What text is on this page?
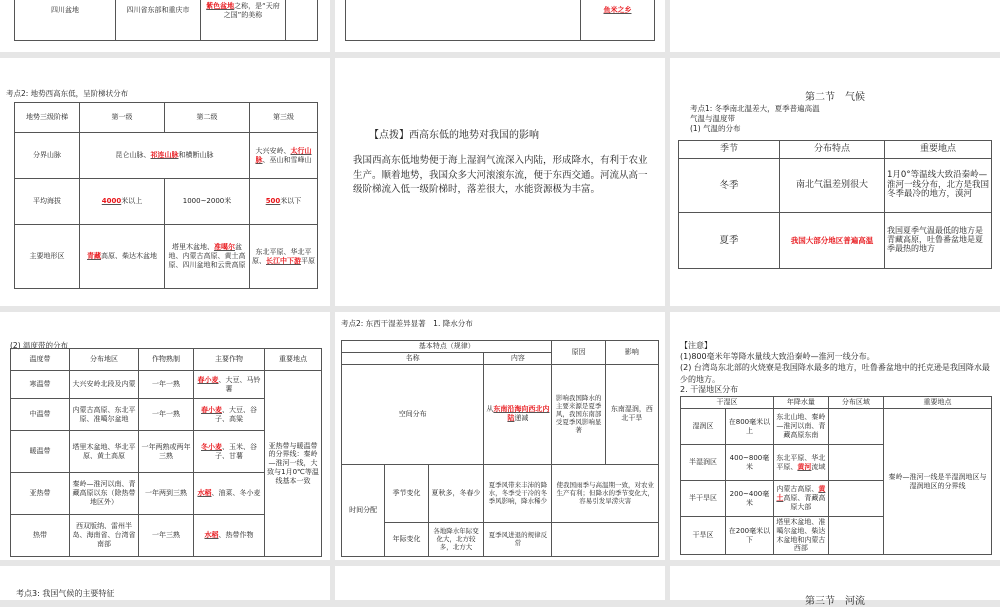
四川盆地	四川省东部和重庆市	紫色盆地之称，是“天府之国”的美称	
	鱼米之乡
考点2: 地势西高东低，呈阶梯状分布
地势三级阶梯	第一级	第二级	第三级
分界山脉	昆仑山脉、祁连山脉和横断山脉		大兴安岭、太行山脉、巫山和雪峰山
平均海拔	4000米以上	1000~2000米	500米以下
主要地形区	青藏高原、柴达木盆地	塔里木盆地、准噶尔盆地、内蒙古高原、黄土高原、四川盆地和云贵高原	东北平原、华北平原、长江中下游平原
【点拨】西高东低的地势对我国的影响
我国西高东低地势便于海上湿润气流深入内陆，形成降水，有利于农业生产。顺着地势，我国众多大河滚滚东流，便于东西交通。河流从高一级阶梯流入低一级阶梯时，落差很大，水能资源极为丰富。
第二节　气候
考点1: 冬季南北温差大，夏季普遍高温
气温与温度带
(1) 气温的分布
季节	分布特点	重要地点
冬季	南北气温差别很大	1月0°等温线大致沿秦岭—淮河一线分布，北方是我国冬季最冷的地方，漠河
夏季	我国大部分地区普遍高温	我国夏季气温最低的地方是青藏高原，吐鲁番盆地是夏季最热的地方
(2) 温度带的分布
温度带	分布地区	作物熟制	主要作物	重要地点
寒温带	大兴安岭北段及内蒙	一年一熟	春小麦、大豆、马铃薯	亚热带与暖温带的分界线：秦岭—淮河一线，大致与1月0℃等温线基本一致
中温带	内蒙古高原、东北平原、准噶尔盆地	一年一熟	春小麦、大豆、谷子、高粱	
暖温带	塔里木盆地、华北平原、黄土高原	一年两熟或两年三熟	冬小麦、玉米、谷子、甘薯	
亚热带	秦岭—淮河以南、青藏高原以东（除热带地区外）	一年两到三熟	水稻、油菜、冬小麦	
热带	西双版纳、雷州半岛、海南省、台湾省南部	一年三熟	水稻、热带作物	
考点2: 东西干湿差异显著　1. 降水分布
基本特点（规律）				原因	影响
名称			内容		
空间分布			从东南沿海向西北内陆递减	影响我国降水的主要来源是夏季风，我国东南部受夏季风影响显著	东南湿润，西北干旱
时间分配	季节变化	夏秋多，冬春少	夏季风带来丰沛的降水，冬季受干冷的冬季风影响，降水稀少	使我国雨季与高温期一致，对农业生产有利；但降水的季节变化大，容易引发旱涝灾害	
	年际变化	各地降水年际变化大，北方较多，北方大	夏季风进退的规律反常		
【注意】
(1)800毫米年等降水量线大致沿秦岭—淮河一线分布。
(2) 台湾岛东北部的火烧寮是我国降水最多的地方，吐鲁番盆地中的托克逊是我国降水最少的地方。
2. 干湿地区分布
干湿区		年降水量	分布区域	重要地点
湿润区	在800毫米以上	东北山地、秦岭—淮河以南、青藏高原东南		秦岭—淮河一线是半湿润地区与湿润地区的分界线
半湿润区	400~800毫米	东北平原、华北平原、黄河流域		
半干旱区	200~400毫米	内蒙古高原、黄土高原、青藏高原大部		
干旱区	在200毫米以下	塔里木盆地、准噶尔盆地、柴达木盆地和内蒙古西部		
考点3: 我国气候的主要特征
第三节　河流
